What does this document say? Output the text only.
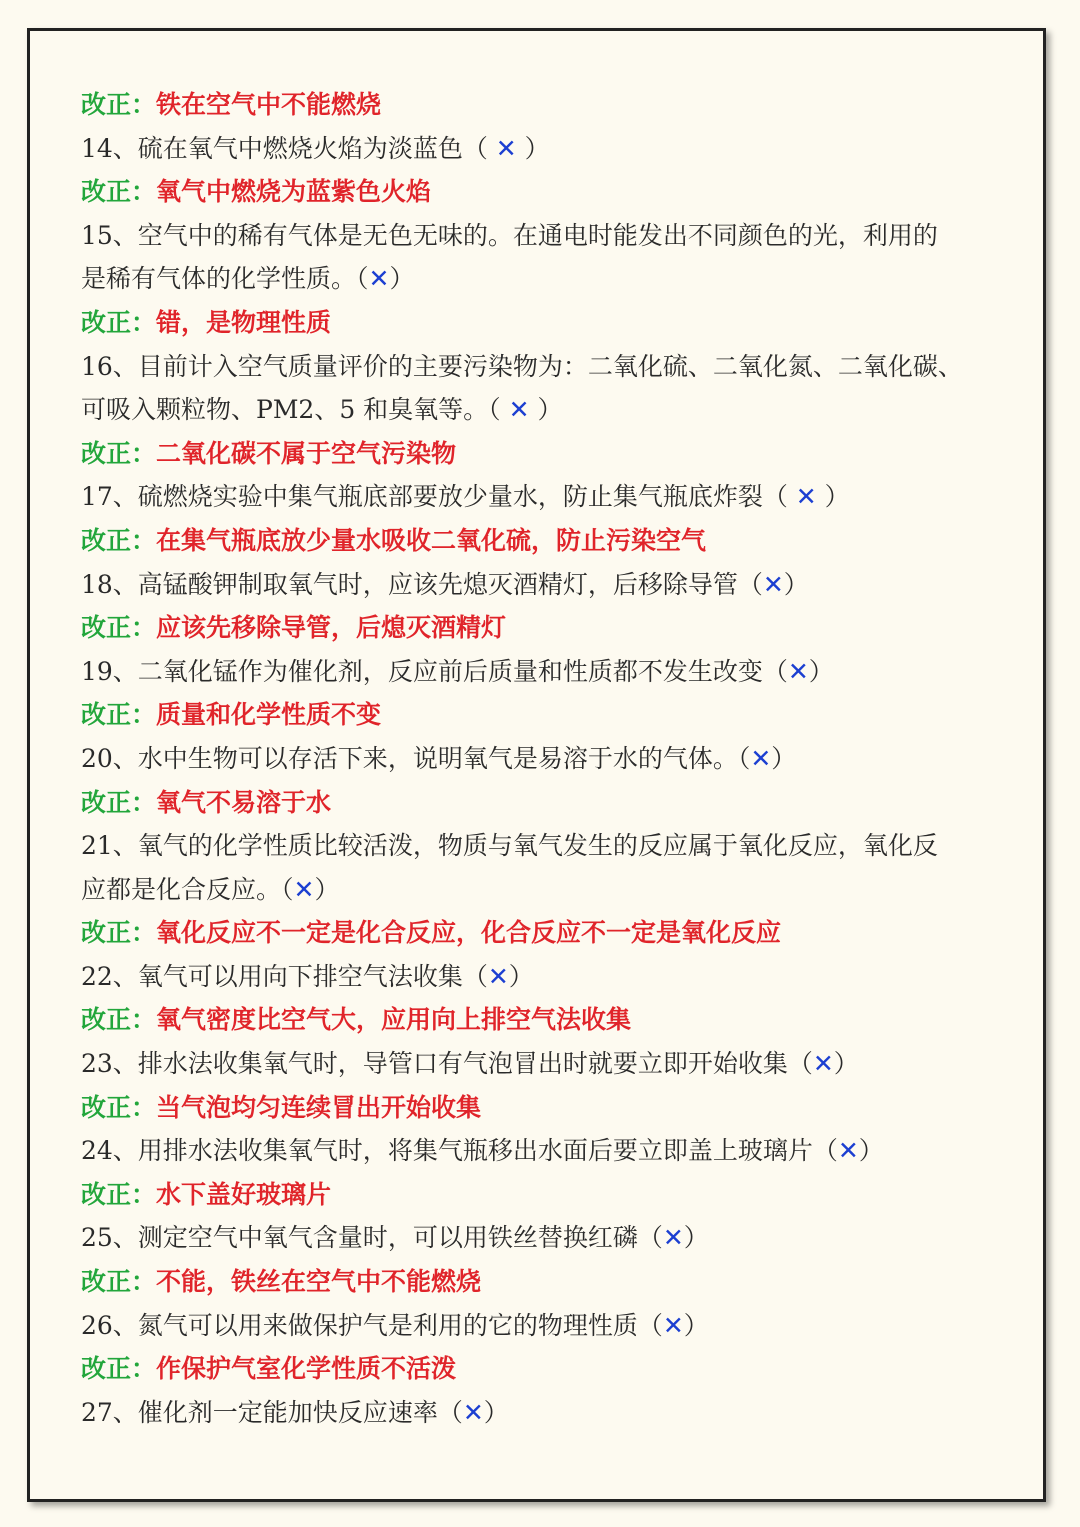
改正：铁在空气中不能燃烧
14、硫在氧气中燃烧火焰为淡蓝色（ ✕ ）
改正：氧气中燃烧为蓝紫色火焰
15、空气中的稀有气体是无色无味的。在通电时能发出不同颜色的光，利用的
是稀有气体的化学性质。（✕）
改正：错，是物理性质
16、目前计入空气质量评价的主要污染物为：二氧化硫、二氧化氮、二氧化碳、
可吸入颗粒物、PM2、5 和臭氧等。（ ✕ ）
改正：二氧化碳不属于空气污染物
17、硫燃烧实验中集气瓶底部要放少量水，防止集气瓶底炸裂（ ✕ ）
改正：在集气瓶底放少量水吸收二氧化硫，防止污染空气
18、高锰酸钾制取氧气时，应该先熄灭酒精灯，后移除导管（✕）
改正：应该先移除导管，后熄灭酒精灯
19、二氧化锰作为催化剂，反应前后质量和性质都不发生改变（✕）
改正：质量和化学性质不变
20、水中生物可以存活下来，说明氧气是易溶于水的气体。（✕）
改正：氧气不易溶于水
21、氧气的化学性质比较活泼，物质与氧气发生的反应属于氧化反应，氧化反
应都是化合反应。（✕）
改正：氧化反应不一定是化合反应，化合反应不一定是氧化反应
22、氧气可以用向下排空气法收集（✕）
改正：氧气密度比空气大，应用向上排空气法收集
23、排水法收集氧气时，导管口有气泡冒出时就要立即开始收集（✕）
改正：当气泡均匀连续冒出开始收集
24、用排水法收集氧气时，将集气瓶移出水面后要立即盖上玻璃片（✕）
改正：水下盖好玻璃片
25、测定空气中氧气含量时，可以用铁丝替换红磷（✕）
改正：不能，铁丝在空气中不能燃烧
26、氮气可以用来做保护气是利用的它的物理性质（✕）
改正：作保护气室化学性质不活泼
27、催化剂一定能加快反应速率（✕）
